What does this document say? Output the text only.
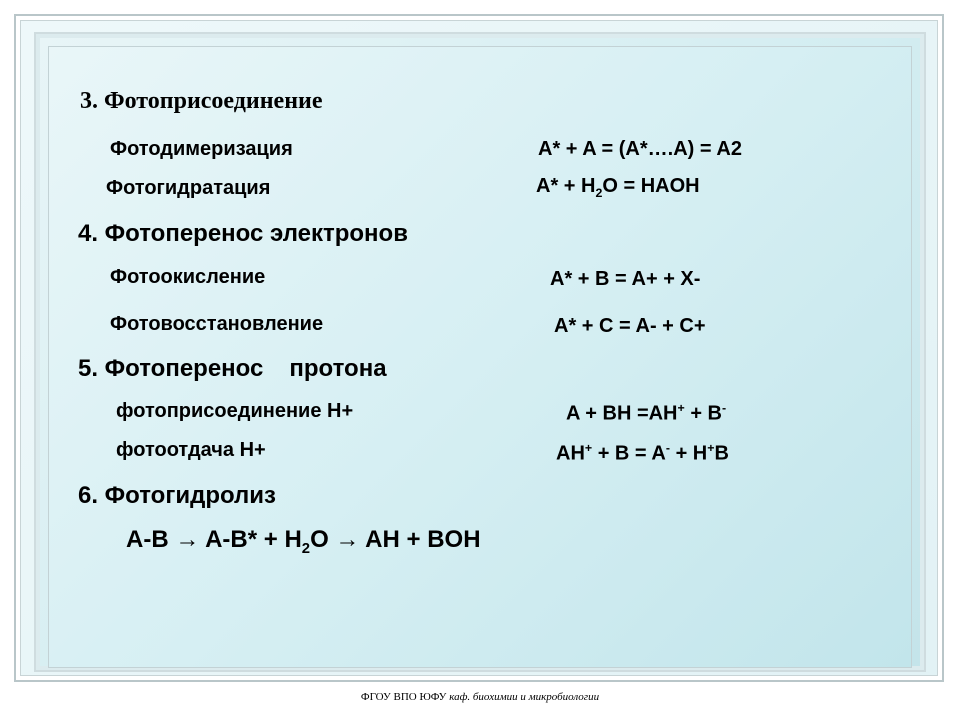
3. Фотоприсоединение
Фотодимеризация	A* + A = (A*….A) = A2
Фотогидратация	$A* + H_2O$ = HAOH
4. Фотоперенос электронов
Фотоокисление	A* + B = A+ + X-
Фотовосстановление	A* + C = A- + C+
5. Фотоперенос протона
фотоприсоединение Н+	A + BH =AH+ + B-
фотоотдача Н+	AH+ + B = A- + H+B
6. Фотогидролиз
$A-B \to A-B* + H_2O$ → AH + BOH
ФГОУ ВПО ЮФУ каф. биохимии и микробиологии
